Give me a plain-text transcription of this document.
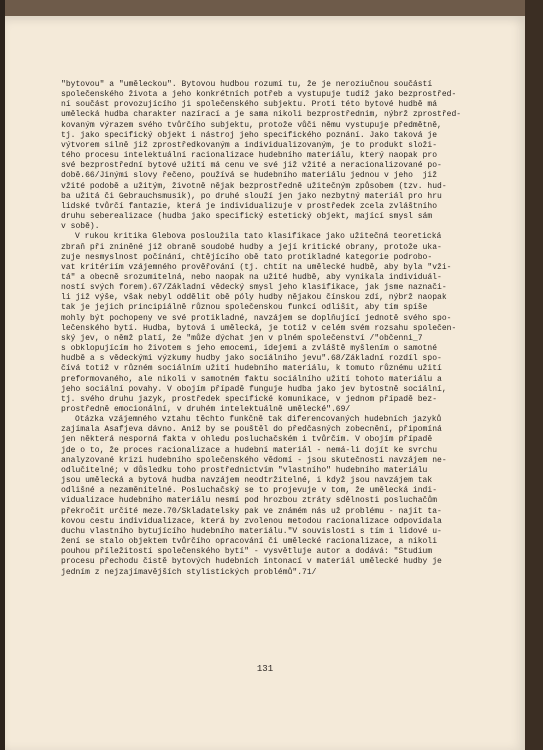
"bytovou" a "uměleckou". Bytovou hudbou rozumí tu, že je neroziučnou součástí
společenského života a jeho konkrétních potřeb a vystupuje tudíž jako bezprostřed-
ní součást provozujícího ji společenského subjektu. Proti této bytové hudbě má
umělecká hudba charakter nazírací a je sama nikoli bezprostřednim, nýbrž zprostřed-
kovaným výrazem svého tvůrčího subjektu, protože vůči němu vystupuje předmětně,
tj. jako specifický objekt i nástroj jeho specifického poznání. Jako taková je
výtvorem silně již zprostředkovaným a individualizovaným, je to produkt složi-
tého procesu intelektuální racionalizace hudebního materiálu, který naopak pro
své bezprostřední bytové užití má cenu ve své již vžité a neracionalizované po-
době.66/Jinými slovy řečeno, používá se hudebního materiálu jednou v jeho  již
vžité podobě a užitým, životně nějak bezprostředně užitečným způsobem (tzv. hud-
ba užitá či Gebrauchsmusik), po druhé slouží jen jako nezbytný materiál pro hru
lidské tvůrčí fantazie, která je individualizuje v prostředek zcela zvláštního
druhu seberealizace (hudba jako specifický estetický objekt, mající smysl sám
v sobě).
V rukou kritika Glebova posloužila tato klasifikace jako užitečná teoretická
zbraň při zniněné již obraně soudobé hudby a její kritické obrany, protože uka-
zuje nesmyslnost počínání, chtějícího obě tato protikladné kategorie podrobo-
vat kritériím vzájemného prověřování (tj. chtít na umělecké hudbě, aby byla "vži-
tá" a obecně srozumitelná, nebo naopak na užité hudbě, aby vynikala individuál-
ností svých forem).67/Základní vědecký smysl jeho klasifikace, jak jsme naznači-
li již výše, však nebyl oddělit obě póly hudby nějakou čínskou zdí, nýbrž naopak
tak je jejich principiálně různou společenskou funkcí odlišit, aby tím spíše
mohly být pochopeny ve své protikladné, navzájem se doplňující jednotě svého spo-
lečenského bytí. Hudba, bytová i umělecká, je totiž v celém svém rozsahu společen-
ský jev, o němž platí, že "může dýchat jen v plném společenství /"občenni_7
s obklopujícím ho životem s jeho emocemi, idejemi a zvláště myšlením o samotné
hudbě a s vědeckými výzkumy hudby jako sociálního jevu".68/Základní rozdíl spo-
čívá totiž v různém sociálním užití hudebního materiálu, k tomuto různému užití
preformovaného, ale nikoli v samotném faktu sociálního užití tohoto materiálu a
jeho sociální povahy. V obojím případě funguje hudba jako jev bytostně sociální,
tj. svého druhu jazyk, prostředek specifické komunikace, v jednom případě bez-
prostředně emocionální, v druhém intelektuálně umělecké".69/
Otázka vzájemného vztahu těchto funkčně tak diferencovaných hudebních jazyků
zajímala Asafjeva dávno. Aniž by se pouštěl do předčasných zobecnění, připomíná
jen některá nesporná fakta v ohledu posluchačském i tvůrčím. V obojím případě
jde o to, že proces racionalizace a hudební materiál - nemá-li dojít ke svrchu
analyzované krizi hudebního společenského vědomí - jsou skutečnosti navzájem ne-
odlučitelné; v důsledku toho prostřednictvím "vlastního" hudebního materiálu
jsou umělecká a bytová hudba navzájem neodtržitelné, i když jsou navzájem tak
odlišné a nezaměnitelné. Posluchačský se to projevuje v tom, že umělecká indi-
vidualizace hudebního materiálu nesmí pod hrozbou ztráty sdělnosti posluchačům
překročit určité meze.70/Skladatelsky pak ve známém nás už problému - najít ta-
kovou cestu individualizace, která by zvolenou metodou racionalizace odpovídala
duchu vlastního bytujícího hudebního materiálu."V souvislosti s tím i lidové u-
žení se stalo objektem tvůrčího opracování či umělecké racionalizace, a nikoli
pouhou příležitostí společenského bytí" - vysvětluje autor a dodává: "Studium
procesu přechodu čistě bytových hudebních intonací v materiál umělecké hudby je
jedním z nejzajímavějších stylistických problémů".71/
131
